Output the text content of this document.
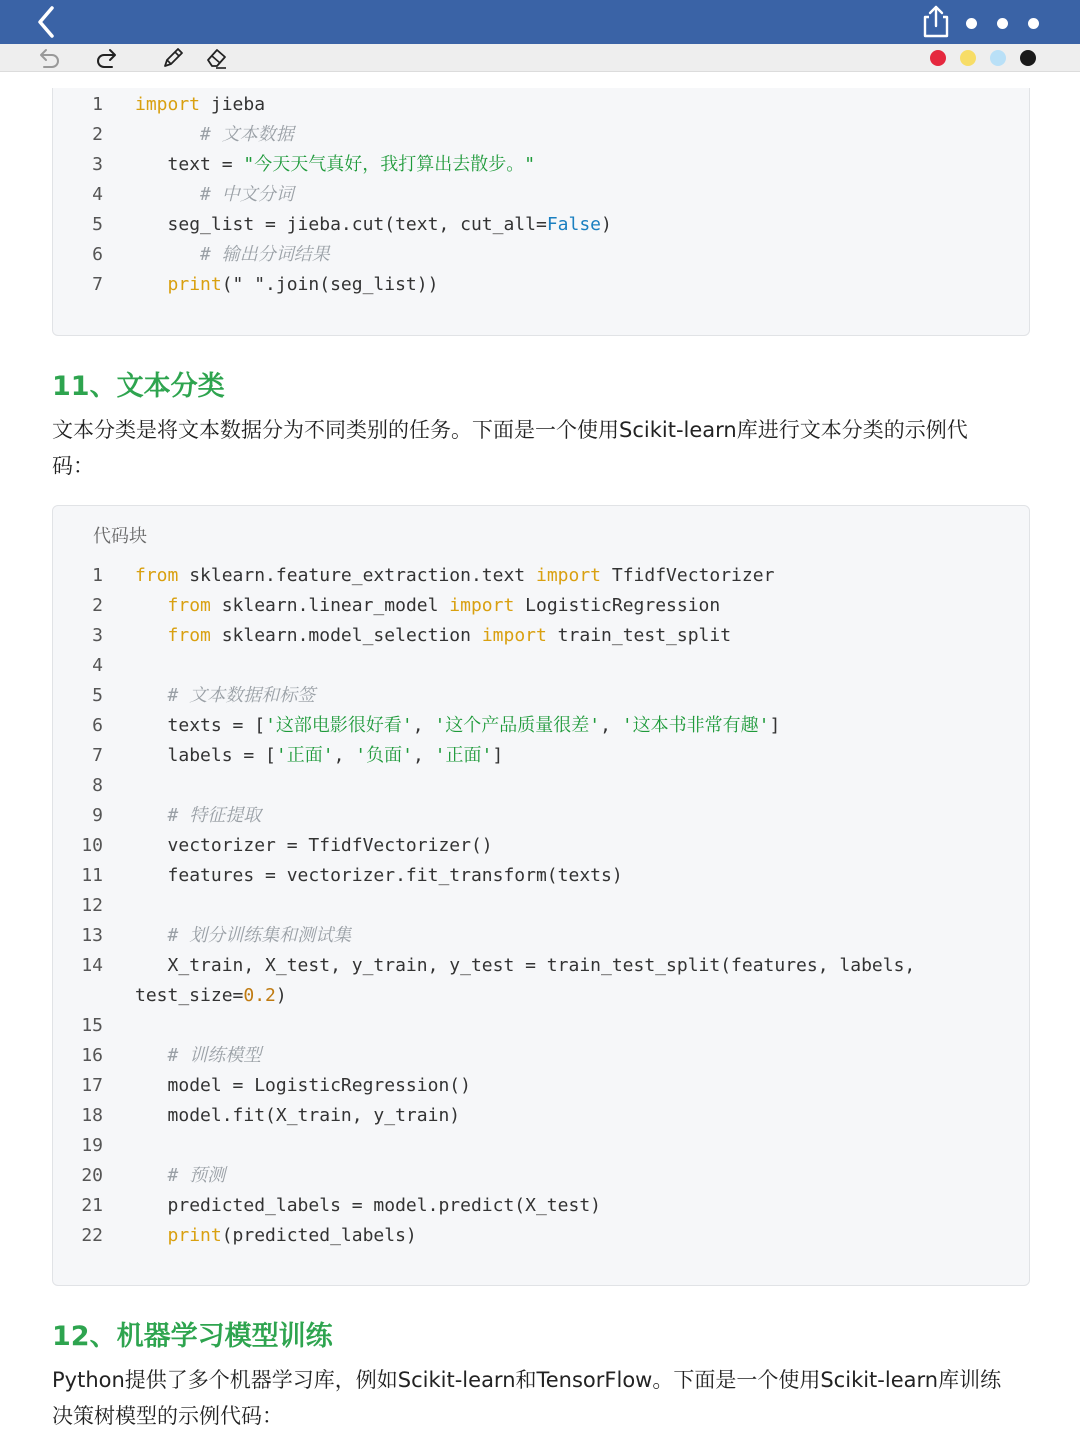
1 import jieba
2	# 文本数据
3	text = "今天天气真好，我打算出去散步。"
4	# 中文分词
5	seg_list = jieba.cut(text, cut_all=False)
6	# 输出分词结果
7	print(" ".join(seg_list))
11、文本分类
文本分类是将文本数据分为不同类别的任务。下面是一个使用Scikit-learn库进行文本分类的示例代
码：
代码块
1 from sklearn.feature_extraction.text import TfidfVectorizer
2	from sklearn.linear_model import LogisticRegression
3	from sklearn.model_selection import train_test_split
4
5	# 文本数据和标签
6	texts = ['这部电影很好看', '这个产品质量很差', '这本书非常有趣']
7	labels = ['正面', '负面', '正面']
8
9	# 特征提取
10	vectorizer = TfidfVectorizer()
11	features = vectorizer.fit_transform(texts)
12
13	# 划分训练集和测试集
14	X_train, X_test, y_train, y_test = train_test_split(features, labels,
test_size=0.2)
15
16	# 训练模型
17	model = LogisticRegression()
18	model.fit(X_train, y_train)
19
20	# 预测
21	predicted_labels = model.predict(X_test)
22	print(predicted_labels)
12、机器学习模型训练
Python提供了多个机器学习库，例如Scikit-learn和TensorFlow。下面是一个使用Scikit-learn库训练
决策树模型的示例代码：
